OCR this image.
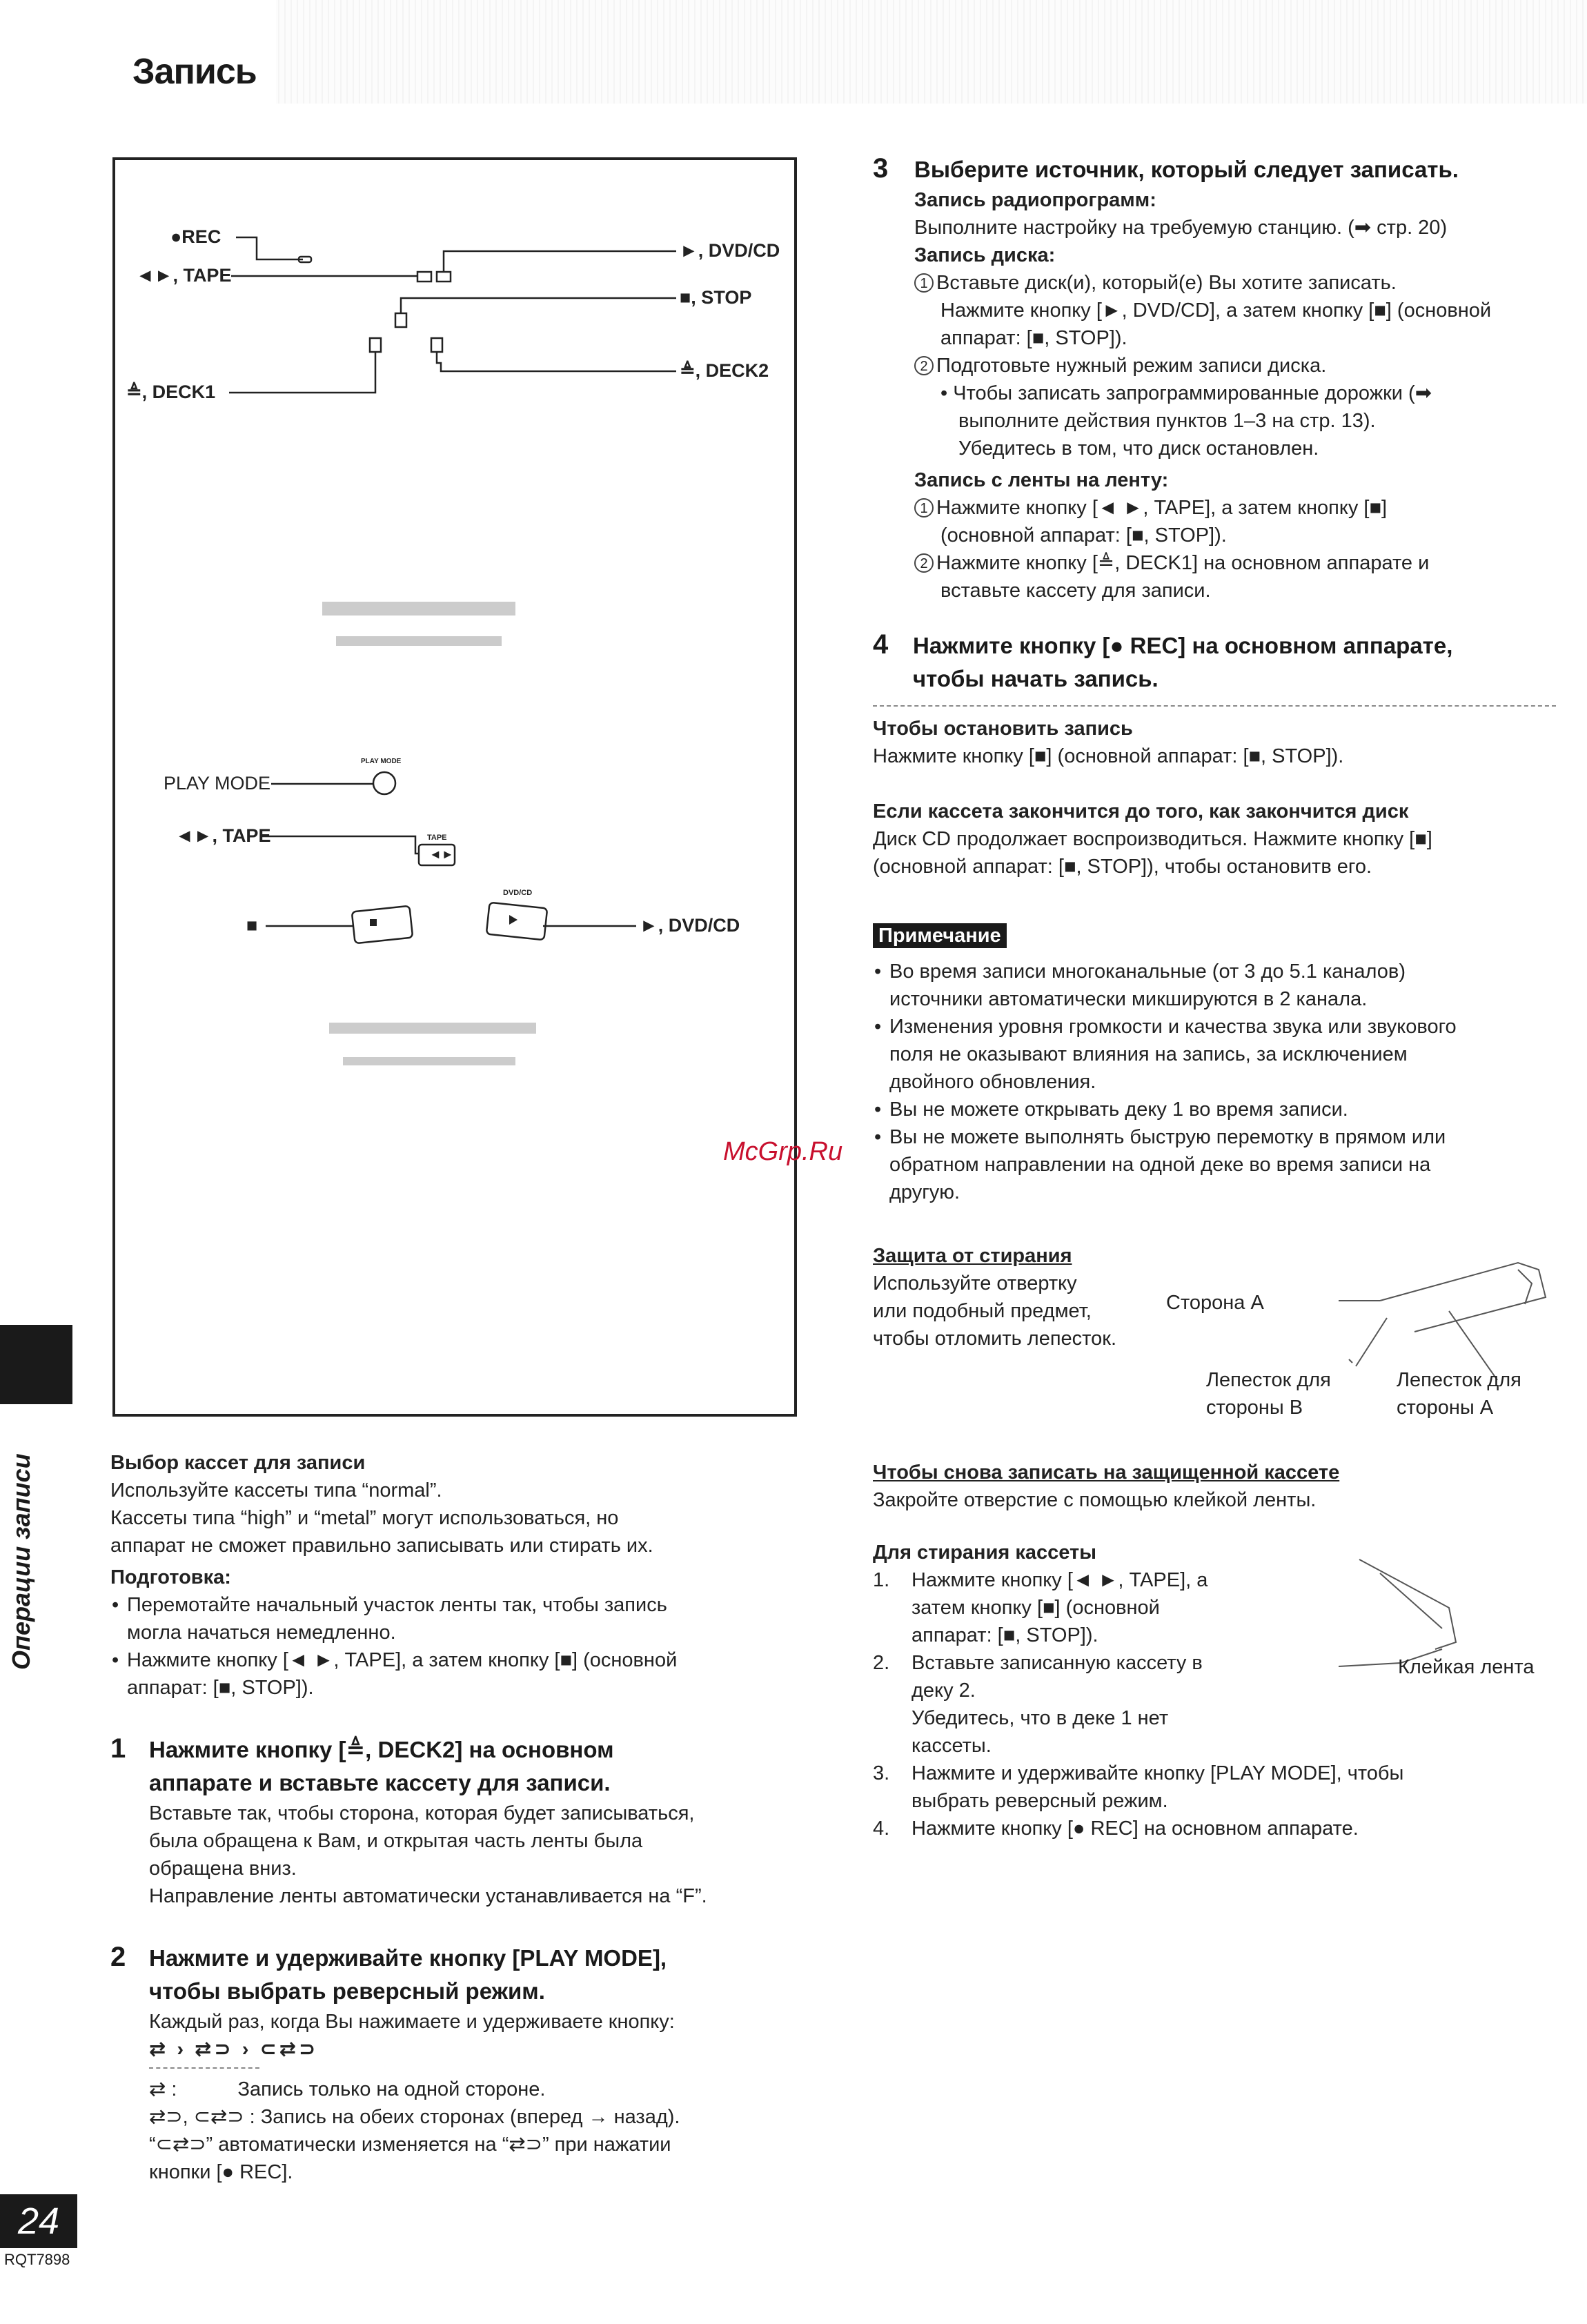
Запись
◄►
●REC
◄►, TAPE
≜, DECK1
►, DVD/CD
■, STOP
≜, DECK2
PLAY MODE
◄►, TAPE
■	►, DVD/CD
PLAY MODE
TAPE
DVD/CD
Операции записи
24
RQT7898
Выбор кассет для записи
Используйте кассеты типа “normal”.
Кассеты типа “high” и “metal” могут использоваться, но
аппарат не сможет правильно записывать или стирать их.
Подготовка:
• Перемотайте начальный участок ленты так, чтобы запись
могла начаться немедленно.
• Нажмите кнопку [◄ ►, TAPE], а затем кнопку [■] (основной
аппарат: [■, STOP]).
1 Нажмите кнопку [≜, DECK2] на основном
аппарате и вставьте кассету для записи.
Вставьте так, чтобы сторона, которая будет записываться,
была обращена к Вам, и открытая часть ленты была
обращена вниз.
Направление ленты автоматически устанавливается на “F”.
2 Нажмите и удерживайте кнопку [PLAY MODE],
чтобы выбрать реверсный режим.
Каждый раз, когда Вы нажимаете и удерживаете кнопку:
⇄ › ⇄⊃ › ⊂⇄⊃
⇄ :	Запись только на одной стороне.
⇄⊃, ⊂⇄⊃ : Запись на обеих сторонах (вперед → назад).
“⊂⇄⊃” автоматически изменяется на “⇄⊃” при нажатии
кнопки [● REC].
3 Выберите источник, который следует записать.
Запись радиопрограмм:
Выполните настройку на требуемую станцию. (➡ стр. 20)
Запись диска:
1 Вставьте диск(и), который(е) Вы хотите записать.
Нажмите кнопку [►, DVD/CD], а затем кнопку [■] (основной
аппарат: [■, STOP]).
2 Подготовьте нужный режим записи диска.
• Чтобы записать запрограммированные дорожки (➡
выполните действия пунктов 1–3 на стр. 13).
Убедитесь в том, что диск остановлен.
Запись с ленты на ленту:
1 Нажмите кнопку [◄ ►, TAPE], а затем кнопку [■]
(основной аппарат: [■, STOP]).
2 Нажмите кнопку [≜, DECK1] на основном аппарате и
вставьте кассету для записи.
4 Нажмите кнопку [● REC] на основном аппарате,
чтобы начать запись.
Чтобы остановить запись
Нажмите кнопку [■] (основной аппарат: [■, STOP]).
Если кассета закончится до того, как закончится диск
Диск CD продолжает воспроизводиться. Нажмите кнопку [■]
(основной аппарат: [■, STOP]), чтобы остановитв его.
Примечание
• Во время записи многоканальные (от 3 до 5.1 каналов)
источники автоматически микшируются в 2 канала.
• Изменения уровня громкости и качества звука или звукового
поля не оказывают влияния на запись, за исключением
двойного обновления.
• Вы не можете открывать деку 1 во время записи.
• Вы не можете выполнять быструю перемотку в прямом или
обратном направлении на одной деке во время записи на
другую.
McGrp.Ru
Защита от стирания
Используйте отвертку
или подобный предмет,
чтобы отломить лепесток.
Сторона А
Лепесток для
стороны В
Лепесток для
стороны А
Чтобы снова записать на защищенной кассете
Закройте отверстие с помощью клейкой ленты.
Для стирания кассеты
1. Нажмите кнопку [◄ ►, TAPE], а
затем кнопку [■] (основной
аппарат: [■, STOP]).
2. Вставьте записанную кассету в
деку 2.
Убедитесь, что в деке 1 нет
кассеты.
3. Нажмите и удерживайте кнопку [PLAY MODE], чтобы
выбрать реверсный режим.
4. Нажмите кнопку [● REC] на основном аппарате.
Клейкая лента
